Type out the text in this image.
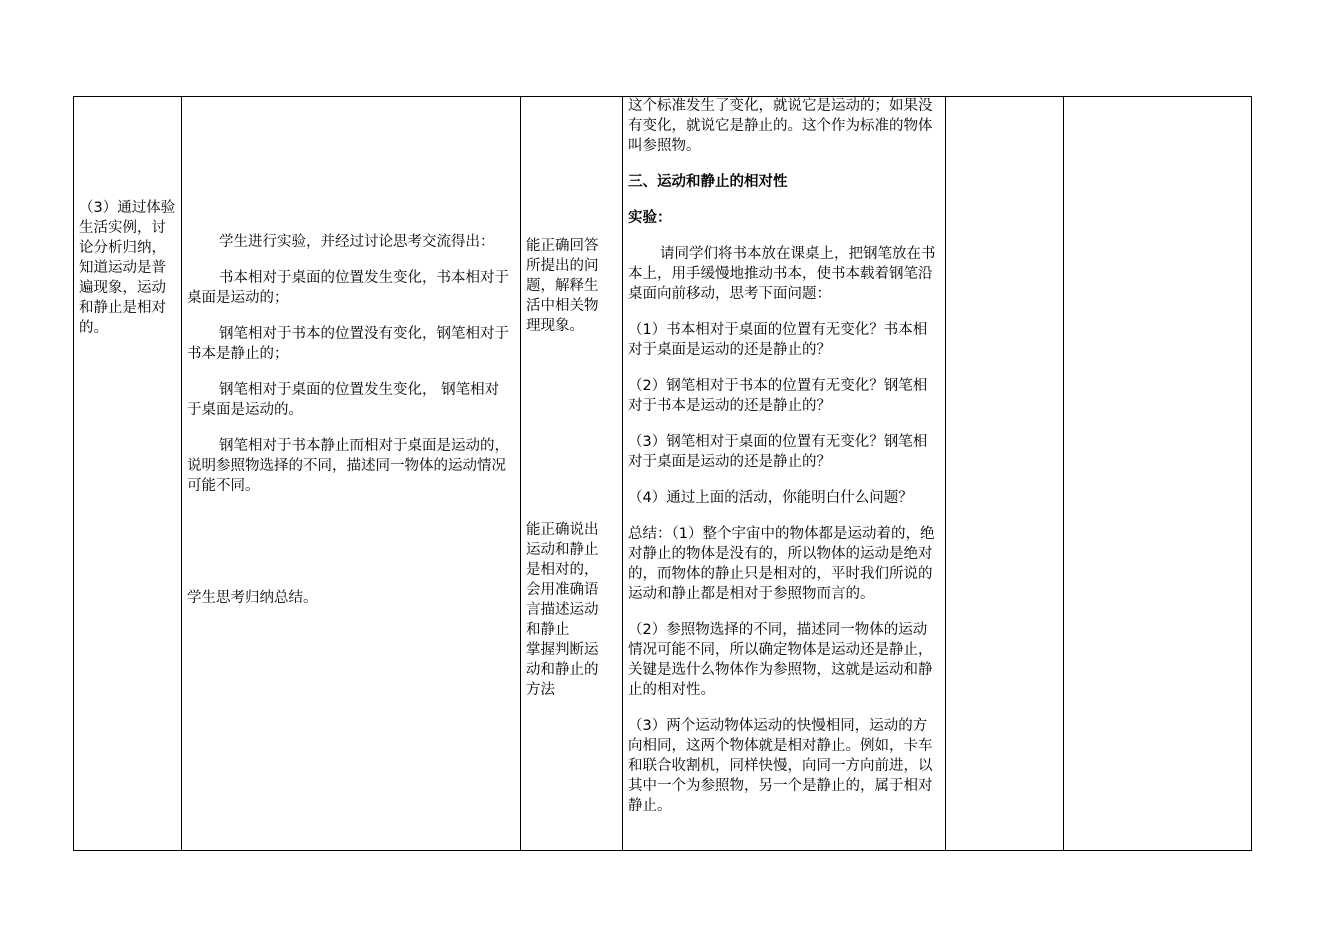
（3）通过体验生活实例，讨论分析归纳，知道运动是普遍现象，运动和静止是相对的。

学生进行实验，并经过讨论思考交流得出：

书本相对于桌面的位置发生变化，书本相对于桌面是运动的；

钢笔相对于书本的位置没有变化，钢笔相对于书本是静止的；

钢笔相对于桌面的位置发生变化， 钢笔相对于桌面是运动的。

钢笔相对于书本静止而相对于桌面是运动的，说明参照物选择的不同，描述同一物体的运动情况可能不同。

学生思考归纳总结。

能正确回答所提出的问题，解释生活中相关物理现象。

能正确说出运动和静止是相对的，会用准确语言描述运动和静止

掌握判断运动和静止的方法

这个标准发生了变化，就说它是运动的；如果没有变化，就说它是静止的。这个作为标准的物体叫参照物。

三、运动和静止的相对性

实验：

请同学们将书本放在课桌上，把钢笔放在书本上，用手缓慢地推动书本，使书本载着钢笔沿桌面向前移动，思考下面问题：

（1）书本相对于桌面的位置有无变化？书本相对于桌面是运动的还是静止的？

（2）钢笔相对于书本的位置有无变化？钢笔相对于书本是运动的还是静止的？

（3）钢笔相对于桌面的位置有无变化？钢笔相对于桌面是运动的还是静止的？

（4）通过上面的活动，你能明白什么问题？

总结：（1）整个宇宙中的物体都是运动着的，绝对静止的物体是没有的，所以物体的运动是绝对的，而物体的静止只是相对的，平时我们所说的运动和静止都是相对于参照物而言的。

（2）参照物选择的不同，描述同一物体的运动情况可能不同，所以确定物体是运动还是静止，关键是选什么物体作为参照物，这就是运动和静止的相对性。

（3）两个运动物体运动的快慢相同，运动的方向相同，这两个物体就是相对静止。例如，卡车和联合收割机，同样快慢，向同一方向前进，以其中一个为参照物，另一个是静止的，属于相对静止。
